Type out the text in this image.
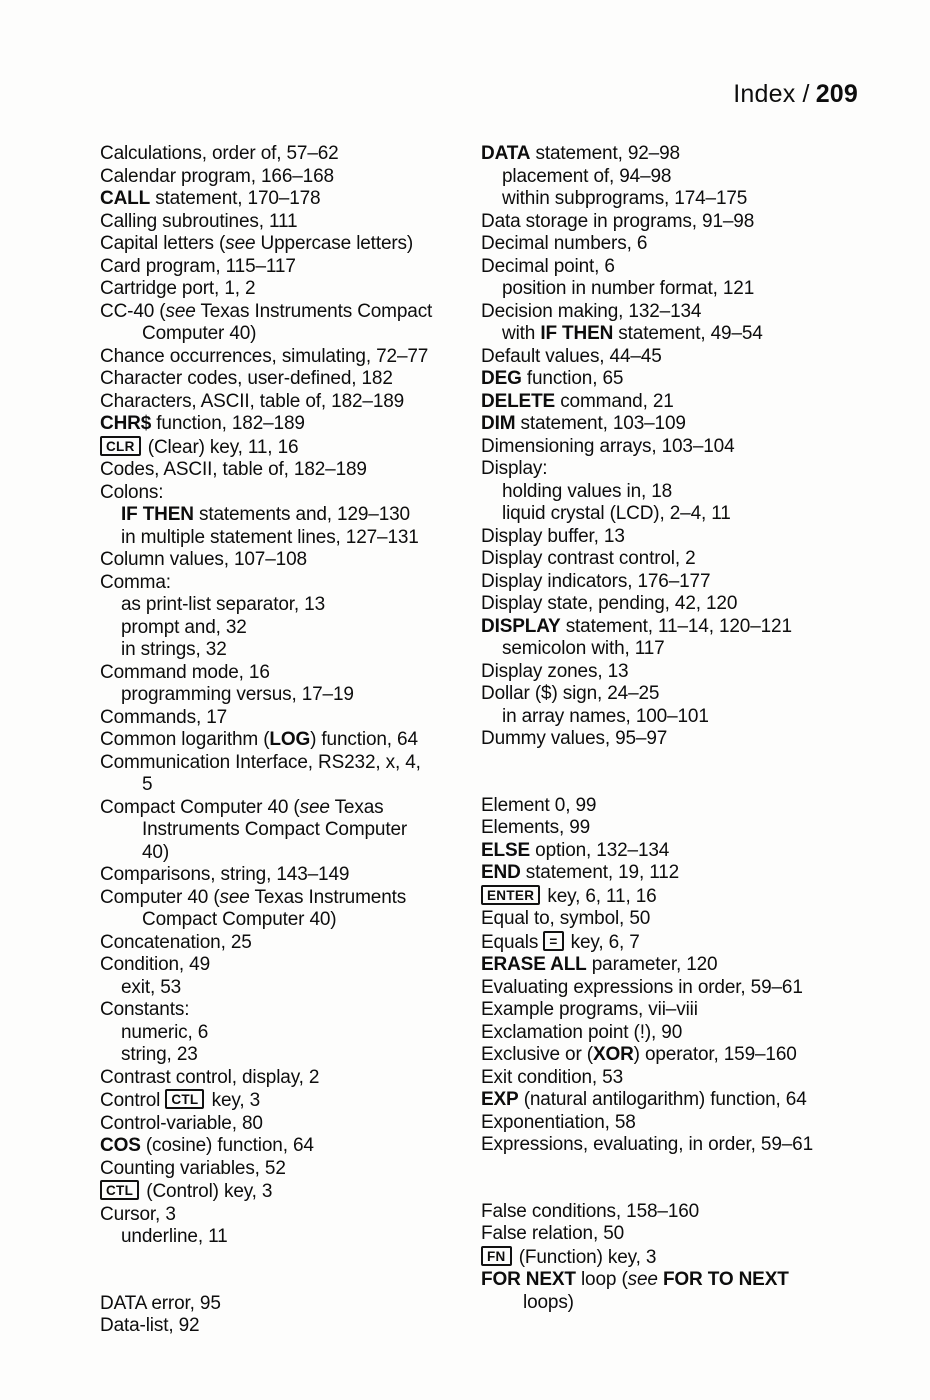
Index / 209
Calculations, order of, 57–62
Calendar program, 166–168
CALL statement, 170–178
Calling subroutines, 111
Capital letters (see Uppercase letters)
Card program, 115–117
Cartridge port, 1, 2
CC-40 (see Texas Instruments Compact
Computer 40)
Chance occurrences, simulating, 72–77
Character codes, user-defined, 182
Characters, ASCII, table of, 182–189
CHR$ function, 182–189
CLR (Clear) key, 11, 16
Codes, ASCII, table of, 182–189
Colons:
IF THEN statements and, 129–130
in multiple statement lines, 127–131
Column values, 107–108
Comma:
as print-list separator, 13
prompt and, 32
in strings, 32
Command mode, 16
programming versus, 17–19
Commands, 17
Common logarithm (LOG) function, 64
Communication Interface, RS232, x, 4,
5
Compact Computer 40 (see Texas
Instruments Compact Computer
40)
Comparisons, string, 143–149
Computer 40 (see Texas Instruments
Compact Computer 40)
Concatenation, 25
Condition, 49
exit, 53
Constants:
numeric, 6
string, 23
Contrast control, display, 2
Control CTL key, 3
Control-variable, 80
COS (cosine) function, 64
Counting variables, 52
CTL (Control) key, 3
Cursor, 3
underline, 11
DATA error, 95
Data-list, 92
DATA statement, 92–98
placement of, 94–98
within subprograms, 174–175
Data storage in programs, 91–98
Decimal numbers, 6
Decimal point, 6
position in number format, 121
Decision making, 132–134
with IF THEN statement, 49–54
Default values, 44–45
DEG function, 65
DELETE command, 21
DIM statement, 103–109
Dimensioning arrays, 103–104
Display:
holding values in, 18
liquid crystal (LCD), 2–4, 11
Display buffer, 13
Display contrast control, 2
Display indicators, 176–177
Display state, pending, 42, 120
DISPLAY statement, 11–14, 120–121
semicolon with, 117
Display zones, 13
Dollar ($) sign, 24–25
in array names, 100–101
Dummy values, 95–97
Element 0, 99
Elements, 99
ELSE option, 132–134
END statement, 19, 112
ENTER key, 6, 11, 16
Equal to, symbol, 50
Equals = key, 6, 7
ERASE ALL parameter, 120
Evaluating expressions in order, 59–61
Example programs, vii–viii
Exclamation point (!), 90
Exclusive or (XOR) operator, 159–160
Exit condition, 53
EXP (natural antilogarithm) function, 64
Exponentiation, 58
Expressions, evaluating, in order, 59–61
False conditions, 158–160
False relation, 50
FN (Function) key, 3
FOR NEXT loop (see FOR TO NEXT
loops)
